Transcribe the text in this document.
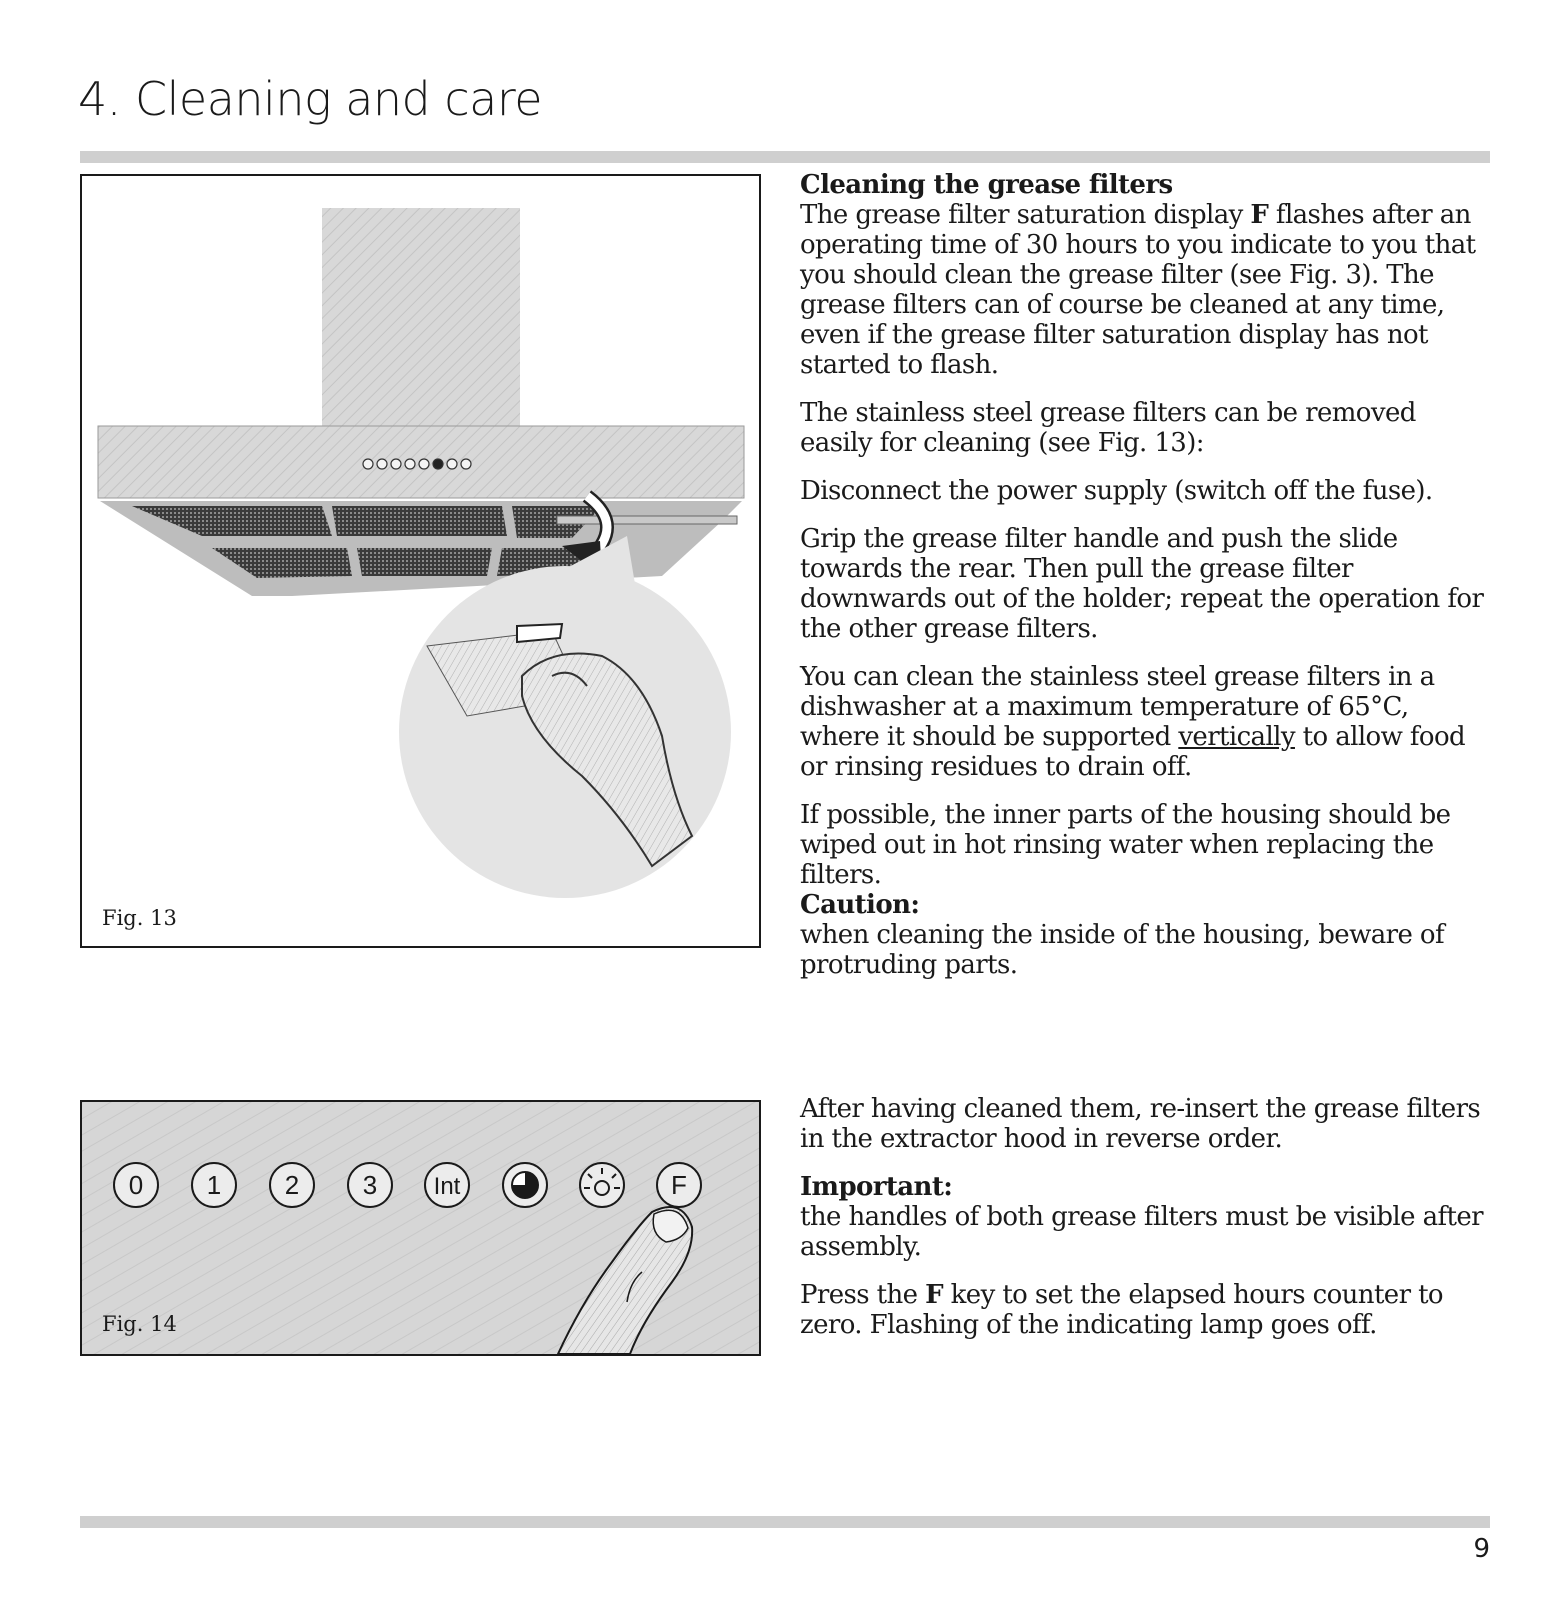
4. Cleaning and care
Fig. 13
0 1 2 3 Int	F
Fig. 14

Cleaning the grease filters
The grease filter saturation display F flashes after an operating time of 30 hours to you indicate to you that you should clean the grease filter (see Fig. 3). The grease filters can of course be cleaned at any time, even if the grease filter saturation display has not started to flash.

The stainless steel grease filters can be removed easily for cleaning (see Fig. 13):

Disconnect the power supply (switch off the fuse).

Grip the grease filter handle and push the slide towards the rear. Then pull the grease filter downwards out of the holder; repeat the operation for the other grease filters.

You can clean the stainless steel grease filters in a dishwasher at a maximum temperature of 65°C, where it should be supported vertically to allow food or rinsing residues to drain off.

If possible, the inner parts of the housing should be wiped out in hot rinsing water when replacing the filters.

Caution:
when cleaning the inside of the housing, beware of protruding parts.

After having cleaned them, re-insert the grease filters in the extractor hood in reverse order.

Important:
the handles of both grease filters must be visible after assembly.

Press the F key to set the elapsed hours counter to zero. Flashing of the indicating lamp goes off.

9
